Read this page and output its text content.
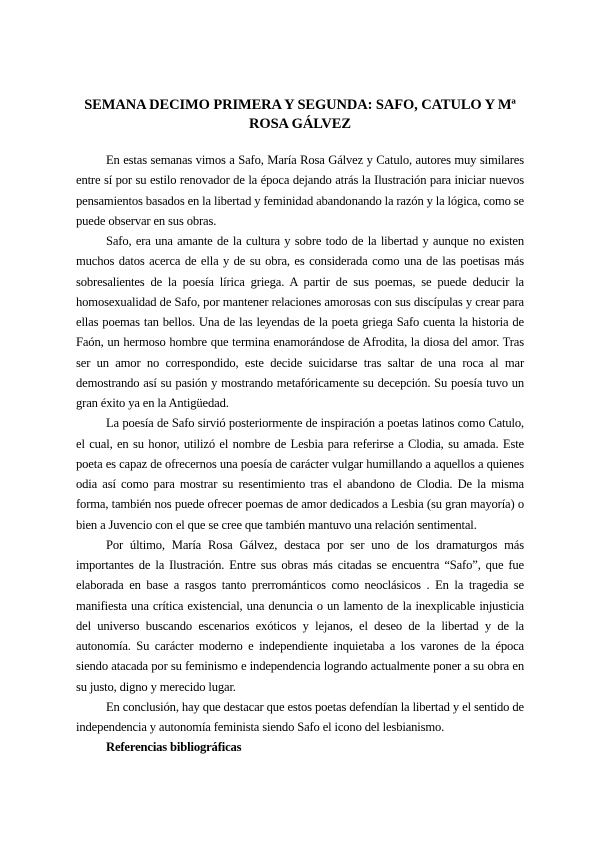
SEMANA DECIMO PRIMERA Y SEGUNDA: SAFO, CATULO Y Mª ROSA GÁLVEZ

En estas semanas vimos a Safo, María Rosa Gálvez y Catulo, autores muy similares entre sí por su estilo renovador de la época dejando atrás la Ilustración para iniciar nuevos pensamientos basados en la libertad y feminidad abandonando la razón y la lógica, como se puede observar en sus obras.

Safo, era una amante de la cultura y sobre todo de la libertad y aunque no existen muchos datos acerca de ella y de su obra, es considerada como una de las poetisas más sobresalientes de la poesía lírica griega. A partir de sus poemas, se puede deducir la homosexualidad de Safo, por mantener relaciones amorosas con sus discípulas y crear para ellas poemas tan bellos. Una de las leyendas de la poeta griega Safo cuenta la historia de Faón, un hermoso hombre que termina enamorándose de Afrodita, la diosa del amor. Tras ser un amor no correspondido, este decide suicidarse tras saltar de una roca al mar demostrando así su pasión y mostrando metafóricamente su decepción. Su poesía tuvo un gran éxito ya en la Antigüedad.

La poesía de Safo sirvió posteriormente de inspiración a poetas latinos como Catulo, el cual, en su honor, utilizó el nombre de Lesbia para referirse a Clodia, su amada. Este poeta es capaz de ofrecernos una poesía de carácter vulgar humillando a aquellos a quienes odia así como para mostrar su resentimiento tras el abandono de Clodia. De la misma forma, también nos puede ofrecer poemas de amor dedicados a Lesbia (su gran mayoría) o bien a Juvencio con el que se cree que también mantuvo una relación sentimental.

Por último, María Rosa Gálvez, destaca por ser uno de los dramaturgos más importantes de la Ilustración. Entre sus obras más citadas se encuentra “Safo”, que fue elaborada en base a rasgos tanto prerrománticos como neoclásicos . En la tragedia se manifiesta una crítica existencial, una denuncia o un lamento de la inexplicable injusticia del universo buscando escenarios exóticos y lejanos, el deseo de la libertad y de la autonomía. Su carácter moderno e independiente inquietaba a los varones de la época siendo atacada por su feminismo e independencia logrando actualmente poner a su obra en su justo, digno y merecido lugar.

En conclusión, hay que destacar que estos poetas defendían la libertad y el sentido de independencia y autonomía feminista siendo Safo el icono del lesbianismo.

Referencias bibliográficas
